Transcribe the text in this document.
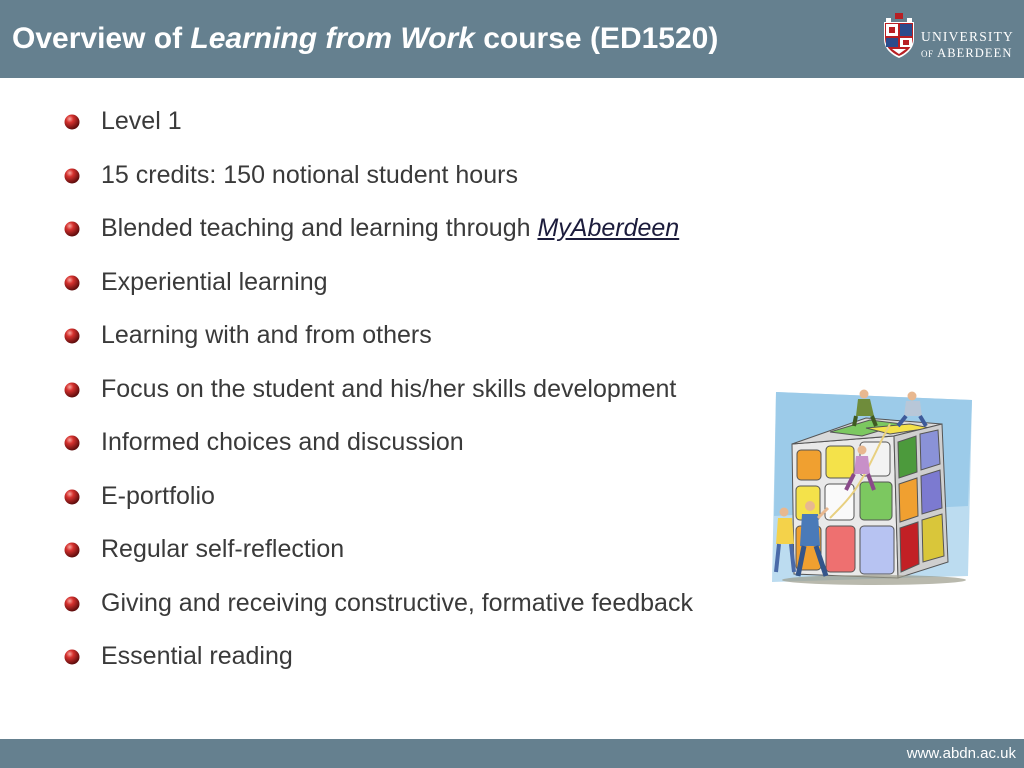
Overview of Learning from Work course (ED1520)	UNIVERSITY
OF ABERDEEN
Level 1
15 credits: 150 notional student hours
Blended teaching and learning through MyAberdeen
Experiential learning
Learning with and from others
Focus on the student and his/her skills development
Informed choices and discussion
E-portfolio
Regular self-reflection
Giving and receiving constructive, formative feedback
Essential reading
www.abdn.ac.uk
